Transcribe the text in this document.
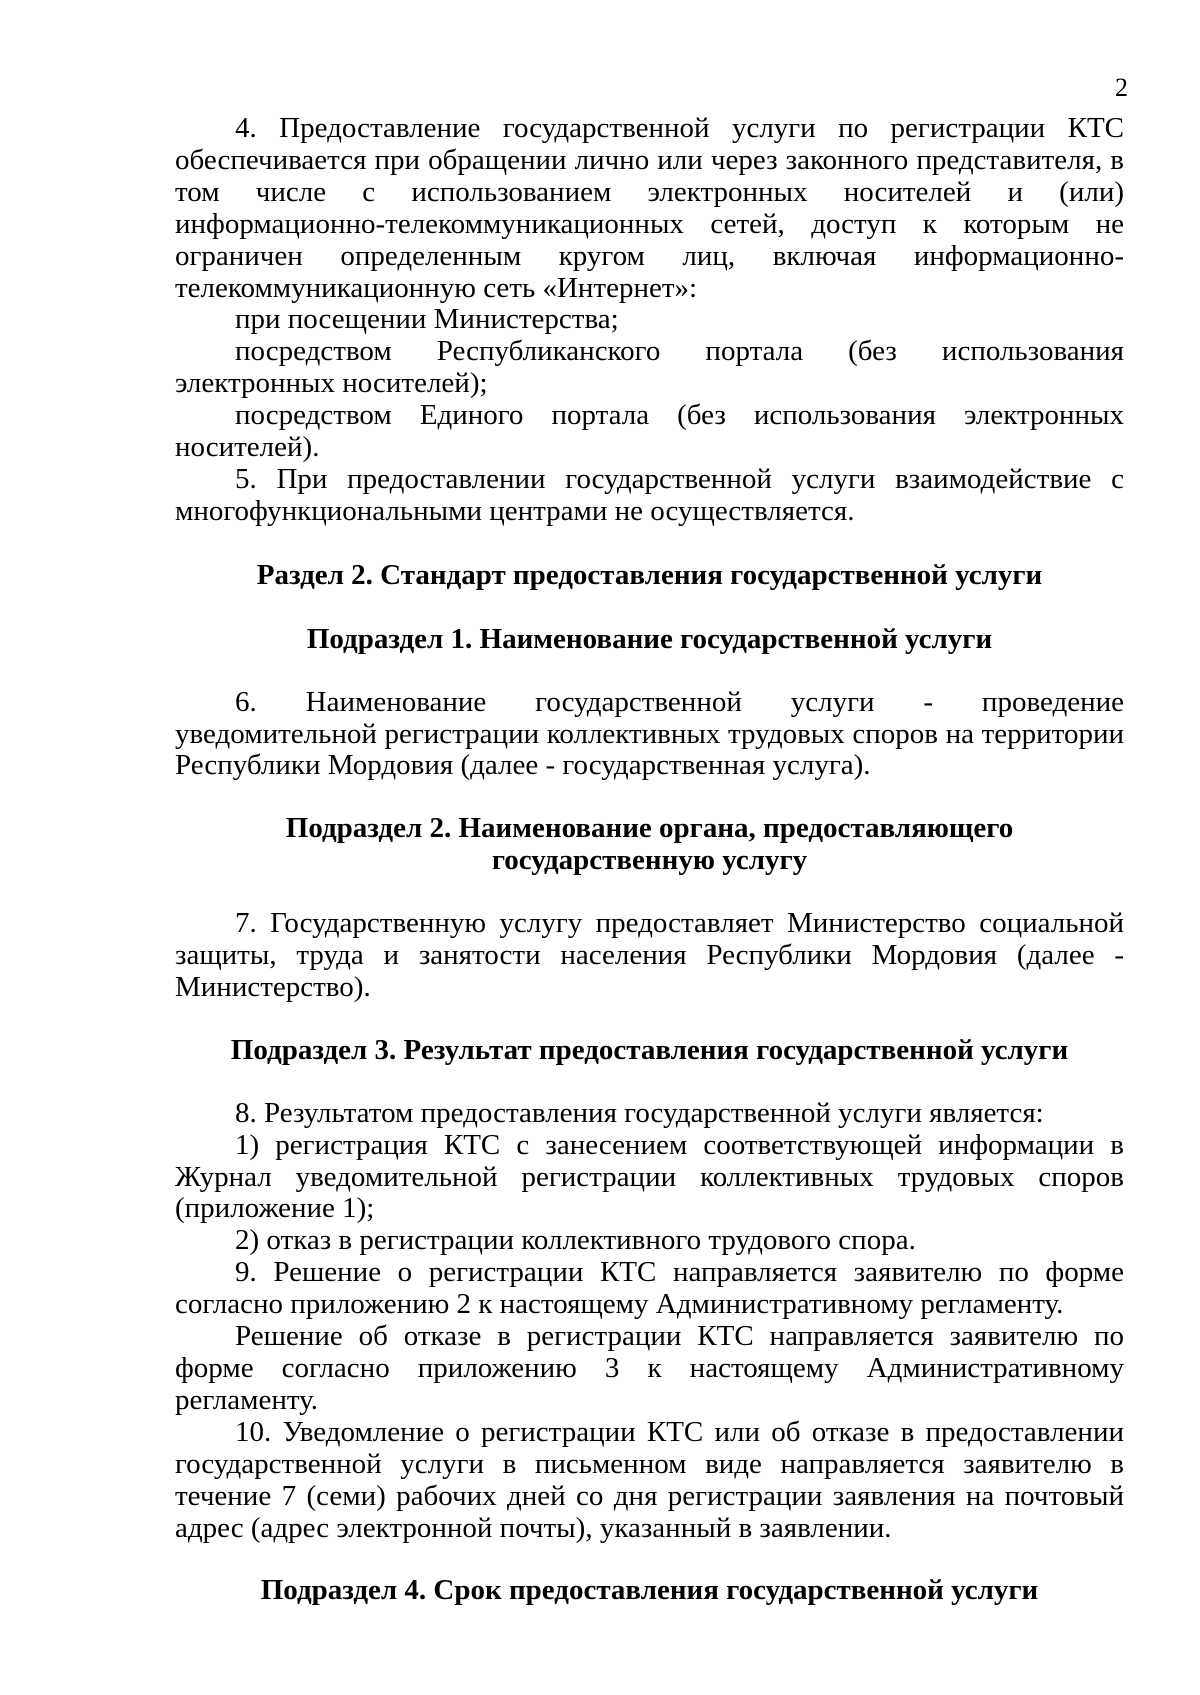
2

4. Предоставление государственной услуги по регистрации КТС обеспечивается при обращении лично или через законного представителя, в том числе с использованием электронных носителей и (или) информационно-телекоммуникационных сетей, доступ к которым не ограничен определенным кругом лиц, включая информационно-телекоммуникационную сеть «Интернет»:

при посещении Министерства;

посредством Республиканского портала (без использования электронных носителей);

посредством Единого портала (без использования электронных носителей).

5. При предоставлении государственной услуги взаимодействие с многофункциональными центрами не осуществляется.

Раздел 2. Стандарт предоставления государственной услуги

Подраздел 1. Наименование государственной услуги

6. Наименование государственной услуги - проведение уведомительной регистрации коллективных трудовых споров на территории Республики Мордовия (далее - государственная услуга).

Подраздел 2. Наименование органа, предоставляющего государственную услугу

7. Государственную услугу предоставляет Министерство социальной защиты, труда и занятости населения Республики Мордовия (далее - Министерство).

Подраздел 3. Результат предоставления государственной услуги

8. Результатом предоставления государственной услуги является:

1) регистрация КТС с занесением соответствующей информации в Журнал уведомительной регистрации коллективных трудовых споров (приложение 1);

2) отказ в регистрации коллективного трудового спора.

9. Решение о регистрации КТС направляется заявителю по форме согласно приложению 2 к настоящему Административному регламенту.

Решение об отказе в регистрации КТС направляется заявителю по форме согласно приложению 3 к настоящему Административному регламенту.

10. Уведомление о регистрации КТС или об отказе в предоставлении государственной услуги в письменном виде направляется заявителю в течение 7 (семи) рабочих дней со дня регистрации заявления на почтовый адрес (адрес электронной почты), указанный в заявлении.

Подраздел 4. Срок предоставления государственной услуги
